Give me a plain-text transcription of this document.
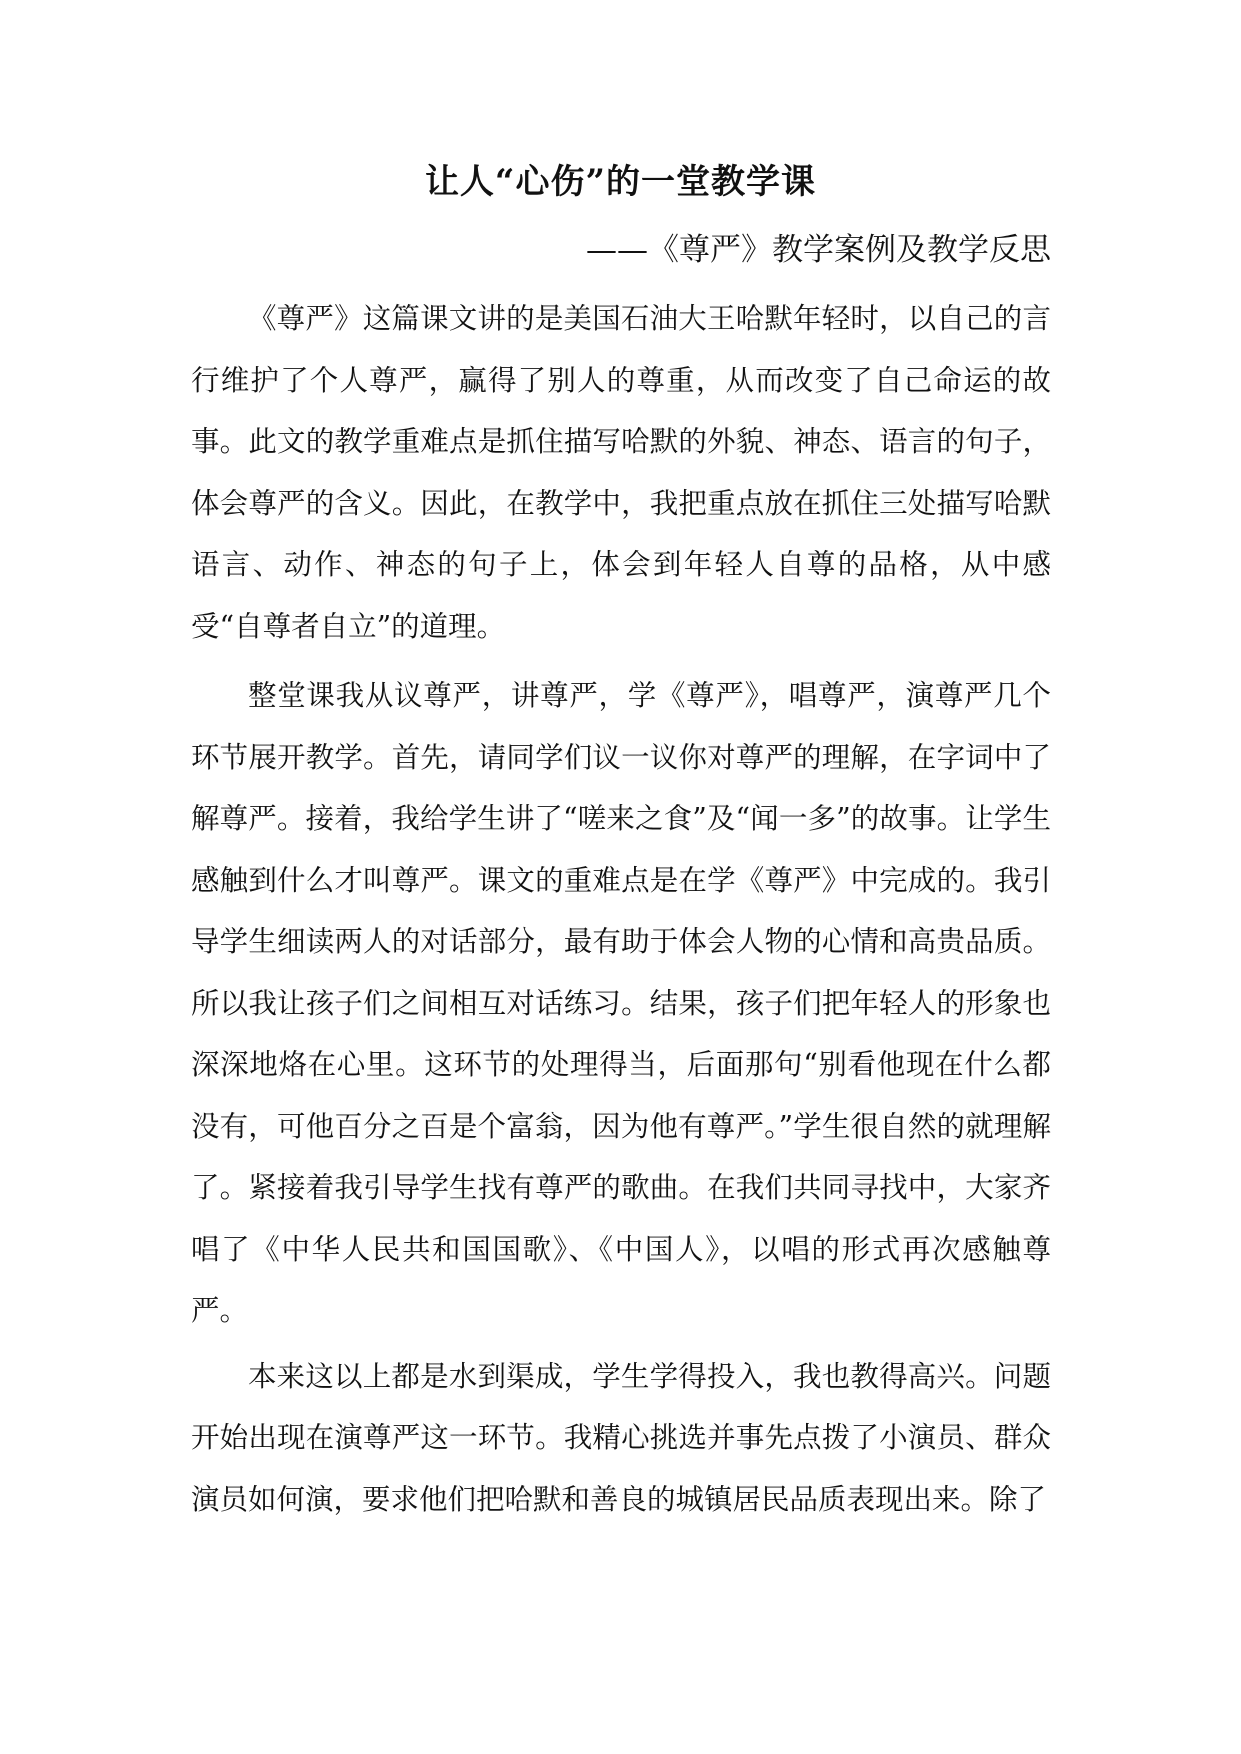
让人“心伤”的一堂教学课
——《尊严》教学案例及教学反思

《尊严》这篇课文讲的是美国石油大王哈默年轻时，以自己的言行维护了个人尊严，赢得了别人的尊重，从而改变了自己命运的故事。此文的教学重难点是抓住描写哈默的外貌、神态、语言的句子，体会尊严的含义。因此，在教学中，我把重点放在抓住三处描写哈默语言、动作、神态的句子上，体会到年轻人自尊的品格，从中感受“自尊者自立”的道理。

整堂课我从议尊严，讲尊严，学《尊严》，唱尊严，演尊严几个环节展开教学。首先，请同学们议一议你对尊严的理解，在字词中了解尊严。接着，我给学生讲了“嗟来之食”及“闻一多”的故事。让学生感触到什么才叫尊严。课文的重难点是在学《尊严》中完成的。我引导学生细读两人的对话部分，最有助于体会人物的心情和高贵品质。所以我让孩子们之间相互对话练习。结果，孩子们把年轻人的形象也深深地烙在心里。这环节的处理得当，后面那句“别看他现在什么都没有，可他百分之百是个富翁，因为他有尊严。”学生很自然的就理解了。紧接着我引导学生找有尊严的歌曲。在我们共同寻找中，大家齐唱了《中华人民共和国国歌》、《中国人》，以唱的形式再次感触尊严。

本来这以上都是水到渠成，学生学得投入，我也教得高兴。问题开始出现在演尊严这一环节。我精心挑选并事先点拨了小演员、群众演员如何演，要求他们把哈默和善良的城镇居民品质表现出来。除了
